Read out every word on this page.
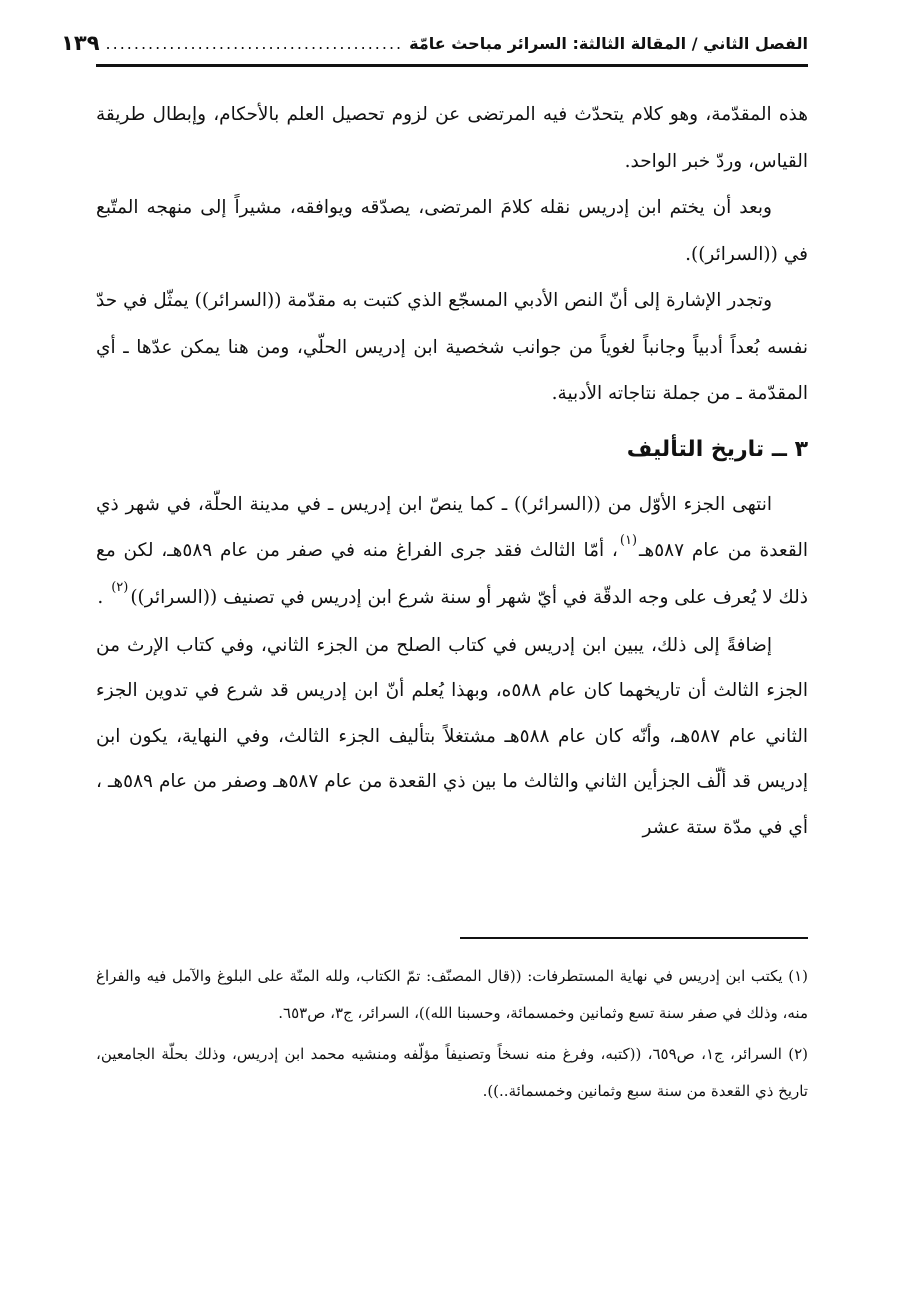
الفصل الثاني / المقالة الثالثة: السرائر مباحث عامّة
..........................................
١٣٩

هذه المقدّمة، وهو كلام يتحدّث فيه المرتضى عن لزوم تحصيل العلم بالأحكام، وإبطال طريقة القياس، وردّ خبر الواحد.

وبعد أن يختم ابن إدريس نقله كلامَ المرتضى، يصدّقه ويوافقه، مشيراً إلى منهجه المتّبع في ((السرائر)).

وتجدر الإشارة إلى أنّ النص الأدبي المسجّع الذي كتبت به مقدّمة ((السرائر)) يمثّل في حدّ نفسه بُعداً أدبياً وجانباً لغوياً من جوانب شخصية ابن إدريس الحلّي، ومن هنا يمكن عدّها ـ أي المقدّمة ـ من جملة نتاجاته الأدبية.

٣ ــ تاريخ التأليف

انتهى الجزء الأوّل من ((السرائر)) ـ كما ينصّ ابن إدريس ـ في مدينة الحلّة، في شهر ذي القعدة من عام ٥٨٧هـ$^{(١)}$، أمّا الثالث فقد جرى الفراغ منه في صفر من عام ٥٨٩هـ، لكن مع ذلك لا يُعرف على وجه الدقّة في أيّ شهر أو سنة شرع ابن إدريس في تصنيف ((السرائر))$^{(٢)}$ .

إضافةً إلى ذلك، يبين ابن إدريس في كتاب الصلح من الجزء الثاني، وفي كتاب الإرث من الجزء الثالث أن تاريخهما كان عام ٥٨٨ه، وبهذا يُعلم أنّ ابن إدريس قد شرع في تدوين الجزء الثاني عام ٥٨٧هـ، وأنّه كان عام ٥٨٨هـ مشتغلاً بتأليف الجزء الثالث، وفي النهاية، يكون ابن إدريس قد ألّف الجزأين الثاني والثالث ما بين ذي القعدة من عام ٥٨٧هـ وصفر من عام ٥٨٩هـ ، أي في مدّة ستة عشر

(١) يكتب ابن إدريس في نهاية المستطرفات: ((قال المصنّف: تمّ الكتاب، ولله المنّة على البلوغ والآمل فيه والفراغ منه، وذلك في صفر سنة تسع وثمانين وخمسمائة، وحسبنا الله))، السرائر، ج٣، ص٦٥٣.

(٢) السرائر، ج١، ص٦٥٩، ((كتبه، وفرغ منه نسخاً وتصنيفاً مؤلّفه ومنشيه محمد ابن إدريس، وذلك بحلّة الجامعين، تاريخ ذي القعدة من سنة سبع وثمانين وخمسمائة..)).
